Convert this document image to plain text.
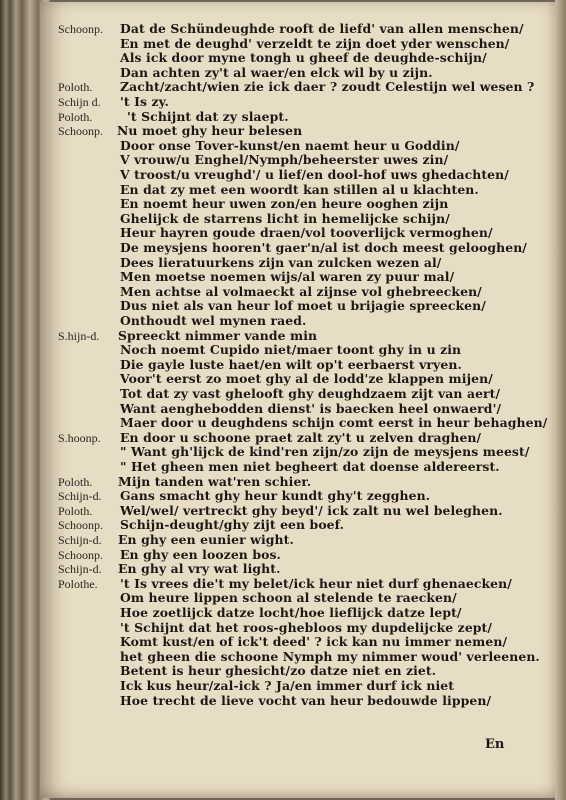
Schoonp. Dat de Schündeughde rooft de liefd' van allen menschen/
En met de deughd' verzeldt te zijn doet yder wenschen/
Als ick door myne tongh u gheef de deughde-schijn/
Dan achten zy't al waer/en elck wil by u zijn.
Poloth. Zacht/zacht/wien zie ick daer ? zoudt Celestijn wel wesen ?
Schijn d. 't Is zy.
Poloth.	't Schijnt dat zy slaept.
Schoonp. Nu moet ghy heur belesen
Door onse Tover-kunst/en naemt heur u Goddin/
V vrouw/u Enghel/Nymph/beheerster uwes zin/
V troost/u vreughd'/ u lief/en dool-hof uws ghedachten/
En dat zy met een woordt kan stillen al u klachten.
En noemt heur uwen zon/en heure ooghen zijn
Ghelijck de starrens licht in hemelijcke schijn/
Heur hayren goude draen/vol tooverlijck vermoghen/
De meysjens hooren't gaer'n/al ist doch meest gelooghen/
Dees lieratuurkens zijn van zulcken wezen al/
Men moetse noemen wijs/al waren zy puur mal/
Men achtse al volmaeckt al zijnse vol ghebreecken/
Dus niet als van heur lof moet u brijagie spreecken/
Onthoudt wel mynen raed.
S.hijn-d. Spreeckt nimmer vande min
Noch noemt Cupido niet/maer toont ghy in u zin
Die gayle luste haet/en wilt op't eerbaerst vryen.
Voor't eerst zo moet ghy al de lodd'ze klappen mijen/
Tot dat zy vast ghelooft ghy deughdzaem zijt van aert/
Want aenghebodden dienst' is baecken heel onwaerd'/
Maer door u deughdens schijn comt eerst in heur behaghen/
S.hoonp. En door u schoone praet zalt zy't u zelven draghen/
" Want gh'lijck de kind'ren zijn/zo zijn de meysjens meest/
" Het gheen men niet begheert dat doense aldereerst.
Poloth. Mijn tanden wat'ren schier.
Schijn-d. Gans smacht ghy heur kundt ghy't zegghen.
Poloth. Wel/wel/ vertreckt ghy beyd'/ ick zalt nu wel beleghen.
Schoonp. Schijn-deught/ghy zijt een boef.
Schijn-d. En ghy een eunier wight.
Schoonp. En ghy een loozen bos.
Schijn-d. En ghy al vry wat light.
Polothe. 't Is vrees die't my belet/ick heur niet durf ghenaecken/
Om heure lippen schoon al stelende te raecken/
Hoe zoetlijck datze locht/hoe lieflijck datze lept/
't Schijnt dat het roos-ghebloos my dupdelijcke zept/
Komt kust/en of ick't deed' ? ick kan nu immer nemen/
het gheen die schoone Nymph my nimmer woud' verleenen.
Betent is heur ghesicht/zo datze niet en ziet.
Ick kus heur/zal-ick ? Ja/en immer durf ick niet
Hoe trecht de lieve vocht van heur bedouwde lippen/
En
